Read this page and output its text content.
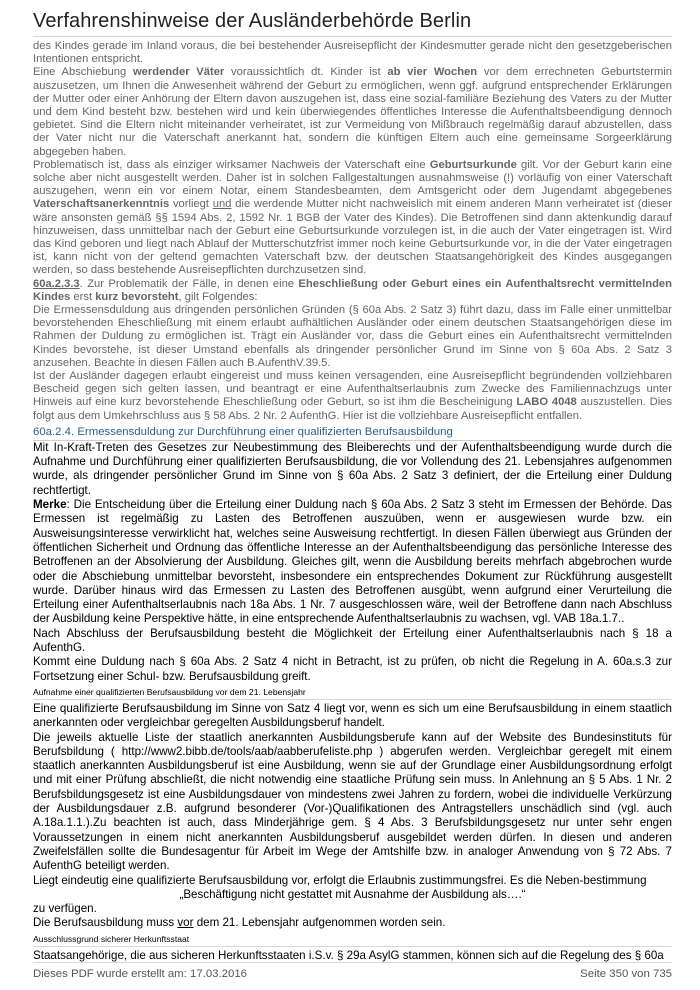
Verfahrenshinweise der Ausländerbehörde Berlin

des Kindes gerade im Inland voraus, die bei bestehender Ausreisepflicht der Kindesmutter gerade nicht den gesetzgeberischen Intentionen entspricht.

Eine Abschiebung werdender Väter voraussichtlich dt. Kinder ist ab vier Wochen vor dem errechneten Geburtstermin auszusetzen, um Ihnen die Anwesenheit während der Geburt zu ermöglichen, wenn ggf. aufgrund entsprechender Erklärungen der Mutter oder einer Anhörung der Eltern davon auszugehen ist, dass eine sozial-familiäre Beziehung des Vaters zu der Mutter und dem Kind besteht bzw. bestehen wird und kein überwiegendes öffentliches Interesse die Aufenthaltsbeendigung dennoch gebietet. Sind die Eltern nicht miteinander verheiratet, ist zur Vermeidung von Mißbrauch regelmäßig darauf abzustellen, dass der Vater nicht nur die Vaterschaft anerkannt hat, sondern die künftigen Eltern auch eine gemeinsame Sorgeerklärung abgegeben haben.

Problematisch ist, dass als einziger wirksamer Nachweis der Vaterschaft eine Geburtsurkunde gilt. Vor der Geburt kann eine solche aber nicht ausgestellt werden. Daher ist in solchen Fallgestaltungen ausnahmsweise (!) vorläufig von einer Vaterschaft auszugehen, wenn ein vor einem Notar, einem Standesbeamten, dem Amtsgericht oder dem Jugendamt abgegebenes Vaterschaftsanerkenntnis vorliegt und die werdende Mutter nicht nachweislich mit einem anderen Mann verheiratet ist (dieser wäre ansonsten gemäß §§ 1594 Abs. 2, 1592 Nr. 1 BGB der Vater des Kindes). Die Betroffenen sind dann aktenkundig darauf hinzuweisen, dass unmittelbar nach der Geburt eine Geburtsurkunde vorzulegen ist, in die auch der Vater eingetragen ist. Wird das Kind geboren und liegt nach Ablauf der Mutterschutzfrist immer noch keine Geburtsurkunde vor, in die der Vater eingetragen ist, kann nicht von der geltend gemachten Vaterschaft bzw. der deutschen Staatsangehörigkeit des Kindes ausgegangen werden, so dass bestehende Ausreisepflichten durchzusetzen sind.

60a.2.3.3. Zur Problematik der Fälle, in denen eine Eheschließung oder Geburt eines ein Aufenthaltsrecht vermittelnden Kindes erst kurz bevorsteht, gilt Folgendes:

Die Ermessensduldung aus dringenden persönlichen Gründen (§ 60a Abs. 2 Satz 3) führt dazu, dass im Falle einer unmittelbar bevorstehenden Eheschließung mit einem erlaubt aufhältlichen Ausländer oder einem deutschen Staatsangehörigen diese im Rahmen der Duldung zu ermöglichen ist. Trägt ein Ausländer vor, dass die Geburt eines ein Aufenthaltsrecht vermittelnden Kindes bevorstehe, ist dieser Umstand ebenfalls als dringender persönlicher Grund im Sinne von § 60a Abs. 2 Satz 3 anzusehen. Beachte in diesen Fällen auch B.AufenthV.39.5.

Ist der Ausländer dagegen erlaubt eingereist und muss keinen versagenden, eine Ausreisepflicht begründenden vollziehbaren Bescheid gegen sich gelten lassen, und beantragt er eine Aufenthaltserlaubnis zum Zwecke des Familiennachzugs unter Hinweis auf eine kurz bevorstehende Eheschließung oder Geburt, so ist ihm die Bescheinigung LABO 4048 auszustellen. Dies folgt aus dem Umkehrschluss aus § 58 Abs. 2 Nr. 2 AufenthG. Hier ist die vollziehbare Ausreisepflicht entfallen.

60a.2.4. Ermessensduldung zur Durchführung einer qualifizierten Berufsausbildung

Mit In-Kraft-Treten des Gesetzes zur Neubestimmung des Bleiberechts und der Aufenthaltsbeendigung wurde durch die Aufnahme und Durchführung einer qualifizierten Berufsausbildung, die vor Vollendung des 21. Lebensjahres aufgenommen wurde, als dringender persönlicher Grund im Sinne von § 60a Abs. 2 Satz 3 definiert, der die Erteilung einer Duldung rechtfertigt.

Merke: Die Entscheidung über die Erteilung einer Duldung nach § 60a Abs. 2 Satz 3 steht im Ermessen der Behörde. Das Ermessen ist regelmäßig zu Lasten des Betroffenen auszuüben, wenn er ausgewiesen wurde bzw. ein Ausweisungsinteresse verwirklicht hat, welches seine Ausweisung rechtfertigt. In diesen Fällen überwiegt aus Gründen der öffentlichen Sicherheit und Ordnung das öffentliche Interesse an der Aufenthaltsbeendigung das persönliche Interesse des Betroffenen an der Absolvierung der Ausbildung. Gleiches gilt, wenn die Ausbildung bereits mehrfach abgebrochen wurde oder die Abschiebung unmittelbar bevorsteht, insbesondere ein entsprechendes Dokument zur Rückführung ausgestellt wurde. Darüber hinaus wird das Ermessen zu Lasten des Betroffenen ausgübt, wenn aufgrund einer Verurteilung die Erteilung einer Aufenthaltserlaubnis nach 18a Abs. 1 Nr. 7 ausgeschlossen wäre, weil der Betroffene dann nach Abschluss der Ausbildung keine Perspektive hätte, in eine entsprechende Aufenthaltserlaubnis zu wachsen, vgl. VAB 18a.1.7..

Nach Abschluss der Berufsausbildung besteht die Möglichkeit der Erteilung einer Aufenthaltserlaubnis nach § 18 a AufenthG.

Kommt eine Duldung nach § 60a Abs. 2 Satz 4 nicht in Betracht, ist zu prüfen, ob nicht die Regelung in A. 60a.s.3 zur Fortsetzung einer Schul- bzw. Berufsausbildung greift.

Aufnahme einer qualifizierten Berufsausbildung vor dem 21. Lebensjahr

Eine qualifizierte Berufsausbildung im Sinne von Satz 4 liegt vor, wenn es sich um eine Berufsausbildung in einem staatlich anerkannten oder vergleichbar geregelten Ausbildungsberuf handelt.

Die jeweils aktuelle Liste der staatlich anerkannten Ausbildungsberufe kann auf der Website des Bundesinstituts für Berufsbildung ( http://www2.bibb.de/tools/aab/aabberufeliste.php ) abgerufen werden. Vergleichbar geregelt mit einem staatlich anerkannten Ausbildungsberuf ist eine Ausbildung, wenn sie auf der Grundlage einer Ausbildungsordnung erfolgt und mit einer Prüfung abschließt, die nicht notwendig eine staatliche Prüfung sein muss. In Anlehnung an § 5 Abs. 1 Nr. 2 Berufsbildungsgesetz ist eine Ausbildungsdauer von mindestens zwei Jahren zu fordern, wobei die individuelle Verkürzung der Ausbildungsdauer z.B. aufgrund besonderer (Vor-)Qualifikationen des Antragstellers unschädlich sind (vgl. auch A.18a.1.1.).Zu beachten ist auch, dass Minderjährige gem. § 4 Abs. 3 Berufsbildungsgesetz nur unter sehr engen Voraussetzungen in einem nicht anerkannten Ausbildungsberuf ausgebildet werden dürfen. In diesen und anderen Zweifelsfällen sollte die Bundesagentur für Arbeit im Wege der Amtshilfe bzw. in analoger Anwendung von § 72 Abs. 7 AufenthG beteiligt werden.

Liegt eindeutig eine qualifizierte Berufsausbildung vor, erfolgt die Erlaubnis zustimmungsfrei. Es die Neben-bestimmung

„Beschäftigung nicht gestattet mit Ausnahme der Ausbildung als….“

zu verfügen.

Die Berufsausbildung muss vor dem 21. Lebensjahr aufgenommen worden sein.

Ausschlussgrund sicherer Herkunftsstaat

Staatsangehörige, die aus sicheren Herkunftsstaaten i.S.v. § 29a AsylG stammen, können sich auf die Regelung des § 60a

Dieses PDF wurde erstellt am: 17.03.2016	Seite 350 von 735
